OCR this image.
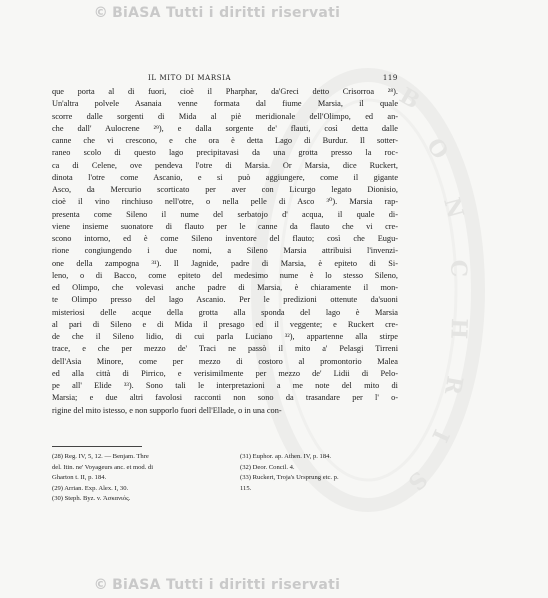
© BiASA Tutti i diritti riservati
B
O
N
C
H
R
I
S
IL MITO DI MARSIA	119
que porta al di fuori, cioè il Pharphar, da'Greci detto Crisorroa ²⁸).
Un'altra polvele Asanaia venne formata dal fiume Marsia, il quale
scorre dalle sorgenti di Mida al piè meridionale dell'Olimpo, ed an-
che dall' Aulocrene ²⁹), e dalla sorgente de' flauti, così detta dalle
canne che vi crescono, e che ora è detta Lago di Burdur. Il sotter-
raneo scolo di questo lago precipitavasi da una grotta presso la roc-
ca di Celene, ove pendeva l'otre di Marsia. Or Marsia, dice Ruckert,
dinota l'otre come Ascanio, e si può aggiungere, come il gigante
Asco, da Mercurio scorticato per aver con Licurgo legato Dionisio,
cioè il vino rinchiuso nell'otre, o nella pelle di Asco ³⁰). Marsia rap-
presenta come Sileno il nume del serbatojo d' acqua, il quale di-
viene insieme suonatore di flauto per le canne da flauto che vi cre-
scono intorno, ed è come Sileno inventore del flauto; così che Eugu-
rione congiungendo i due nomi, a Sileno Marsia attribuisi l'invenzi-
one della zampogna ³¹). Il Jagnide, padre di Marsia, è epiteto di Si-
leno, o di Bacco, come epiteto del medesimo nume è lo stesso Sileno,
ed Olimpo, che volevasi anche padre di Marsia, è chiaramente il mon-
te Olimpo presso del lago Ascanio. Per le predizioni ottenute da'suoni
misteriosi delle acque della grotta alla sponda del lago è Marsia
al pari di Sileno e di Mida il presago ed il veggente; e Ruckert cre-
de che il Sileno lidio, di cui parla Luciano ³²), appartenne alla stirpe
trace, e che per mezzo de' Traci ne passò il mito a' Pelasgi Tirreni
dell'Asia Minore, come per mezzo di costoro al promontorio Malea
ed alla città di Pirrico, e verisimilmente per mezzo de' Lidii di Pelo-
pe all' Elide ³³). Sono tali le interpretazioni a me note del mito di
Marsia; e due altri favolosi racconti non sono da trasandare per l' o-
rigine del mito istesso, e non supporlo fuori dell'Ellade, o in una con-
(28) Reg. IV, 5, 12. — Benjam. Thre
del. Itin. ne' Voyageurs anc. et mod. di
Gharton t. II, p. 184.
(29) Arrian. Exp. Alex. I, 30.
(30) Steph. Byz. v. Ἀσκανιός.
(31) Euphor. ap. Athen. IV, p. 184.
(32) Deor. Concil. 4.
(33) Ruckert, Troja's Ursprung etc. p.
115.
© BiASA Tutti i diritti riservati
